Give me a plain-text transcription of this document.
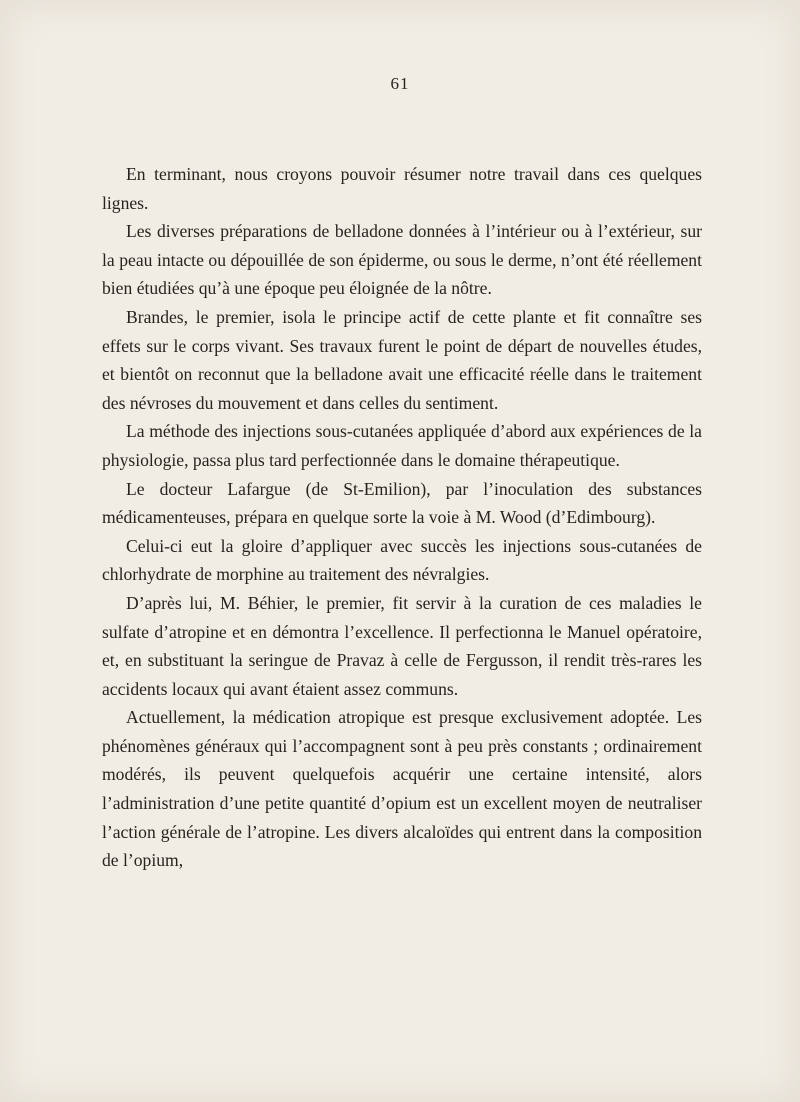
61

En terminant, nous croyons pouvoir résumer notre travail dans ces quelques lignes.

Les diverses préparations de belladone données à l’intérieur ou à l’extérieur, sur la peau intacte ou dépouillée de son épiderme, ou sous le derme, n’ont été réellement bien étudiées qu’à une époque peu éloignée de la nôtre.

Brandes, le premier, isola le principe actif de cette plante et fit connaître ses effets sur le corps vivant. Ses travaux furent le point de départ de nouvelles études, et bientôt on reconnut que la belladone avait une efficacité réelle dans le traitement des névroses du mouvement et dans celles du sentiment.

La méthode des injections sous-cutanées appliquée d’abord aux expériences de la physiologie, passa plus tard perfectionnée dans le domaine thérapeutique.

Le docteur Lafargue (de St-Emilion), par l’inoculation des substances médicamenteuses, prépara en quelque sorte la voie à M. Wood (d’Edimbourg).

Celui-ci eut la gloire d’appliquer avec succès les injections sous-cutanées de chlorhydrate de morphine au traitement des névralgies.

D’après lui, M. Béhier, le premier, fit servir à la curation de ces maladies le sulfate d’atropine et en démontra l’excellence. Il perfectionna le Manuel opératoire, et, en substituant la seringue de Pravaz à celle de Fergusson, il rendit très-rares les accidents locaux qui avant étaient assez communs.

Actuellement, la médication atropique est presque exclusivement adoptée. Les phénomènes généraux qui l’accompagnent sont à peu près constants ; ordinairement modérés, ils peuvent quelquefois acquérir une certaine intensité, alors l’administration d’une petite quantité d’opium est un excellent moyen de neutraliser l’action générale de l’atropine. Les divers alcaloïdes qui entrent dans la composition de l’opium,
